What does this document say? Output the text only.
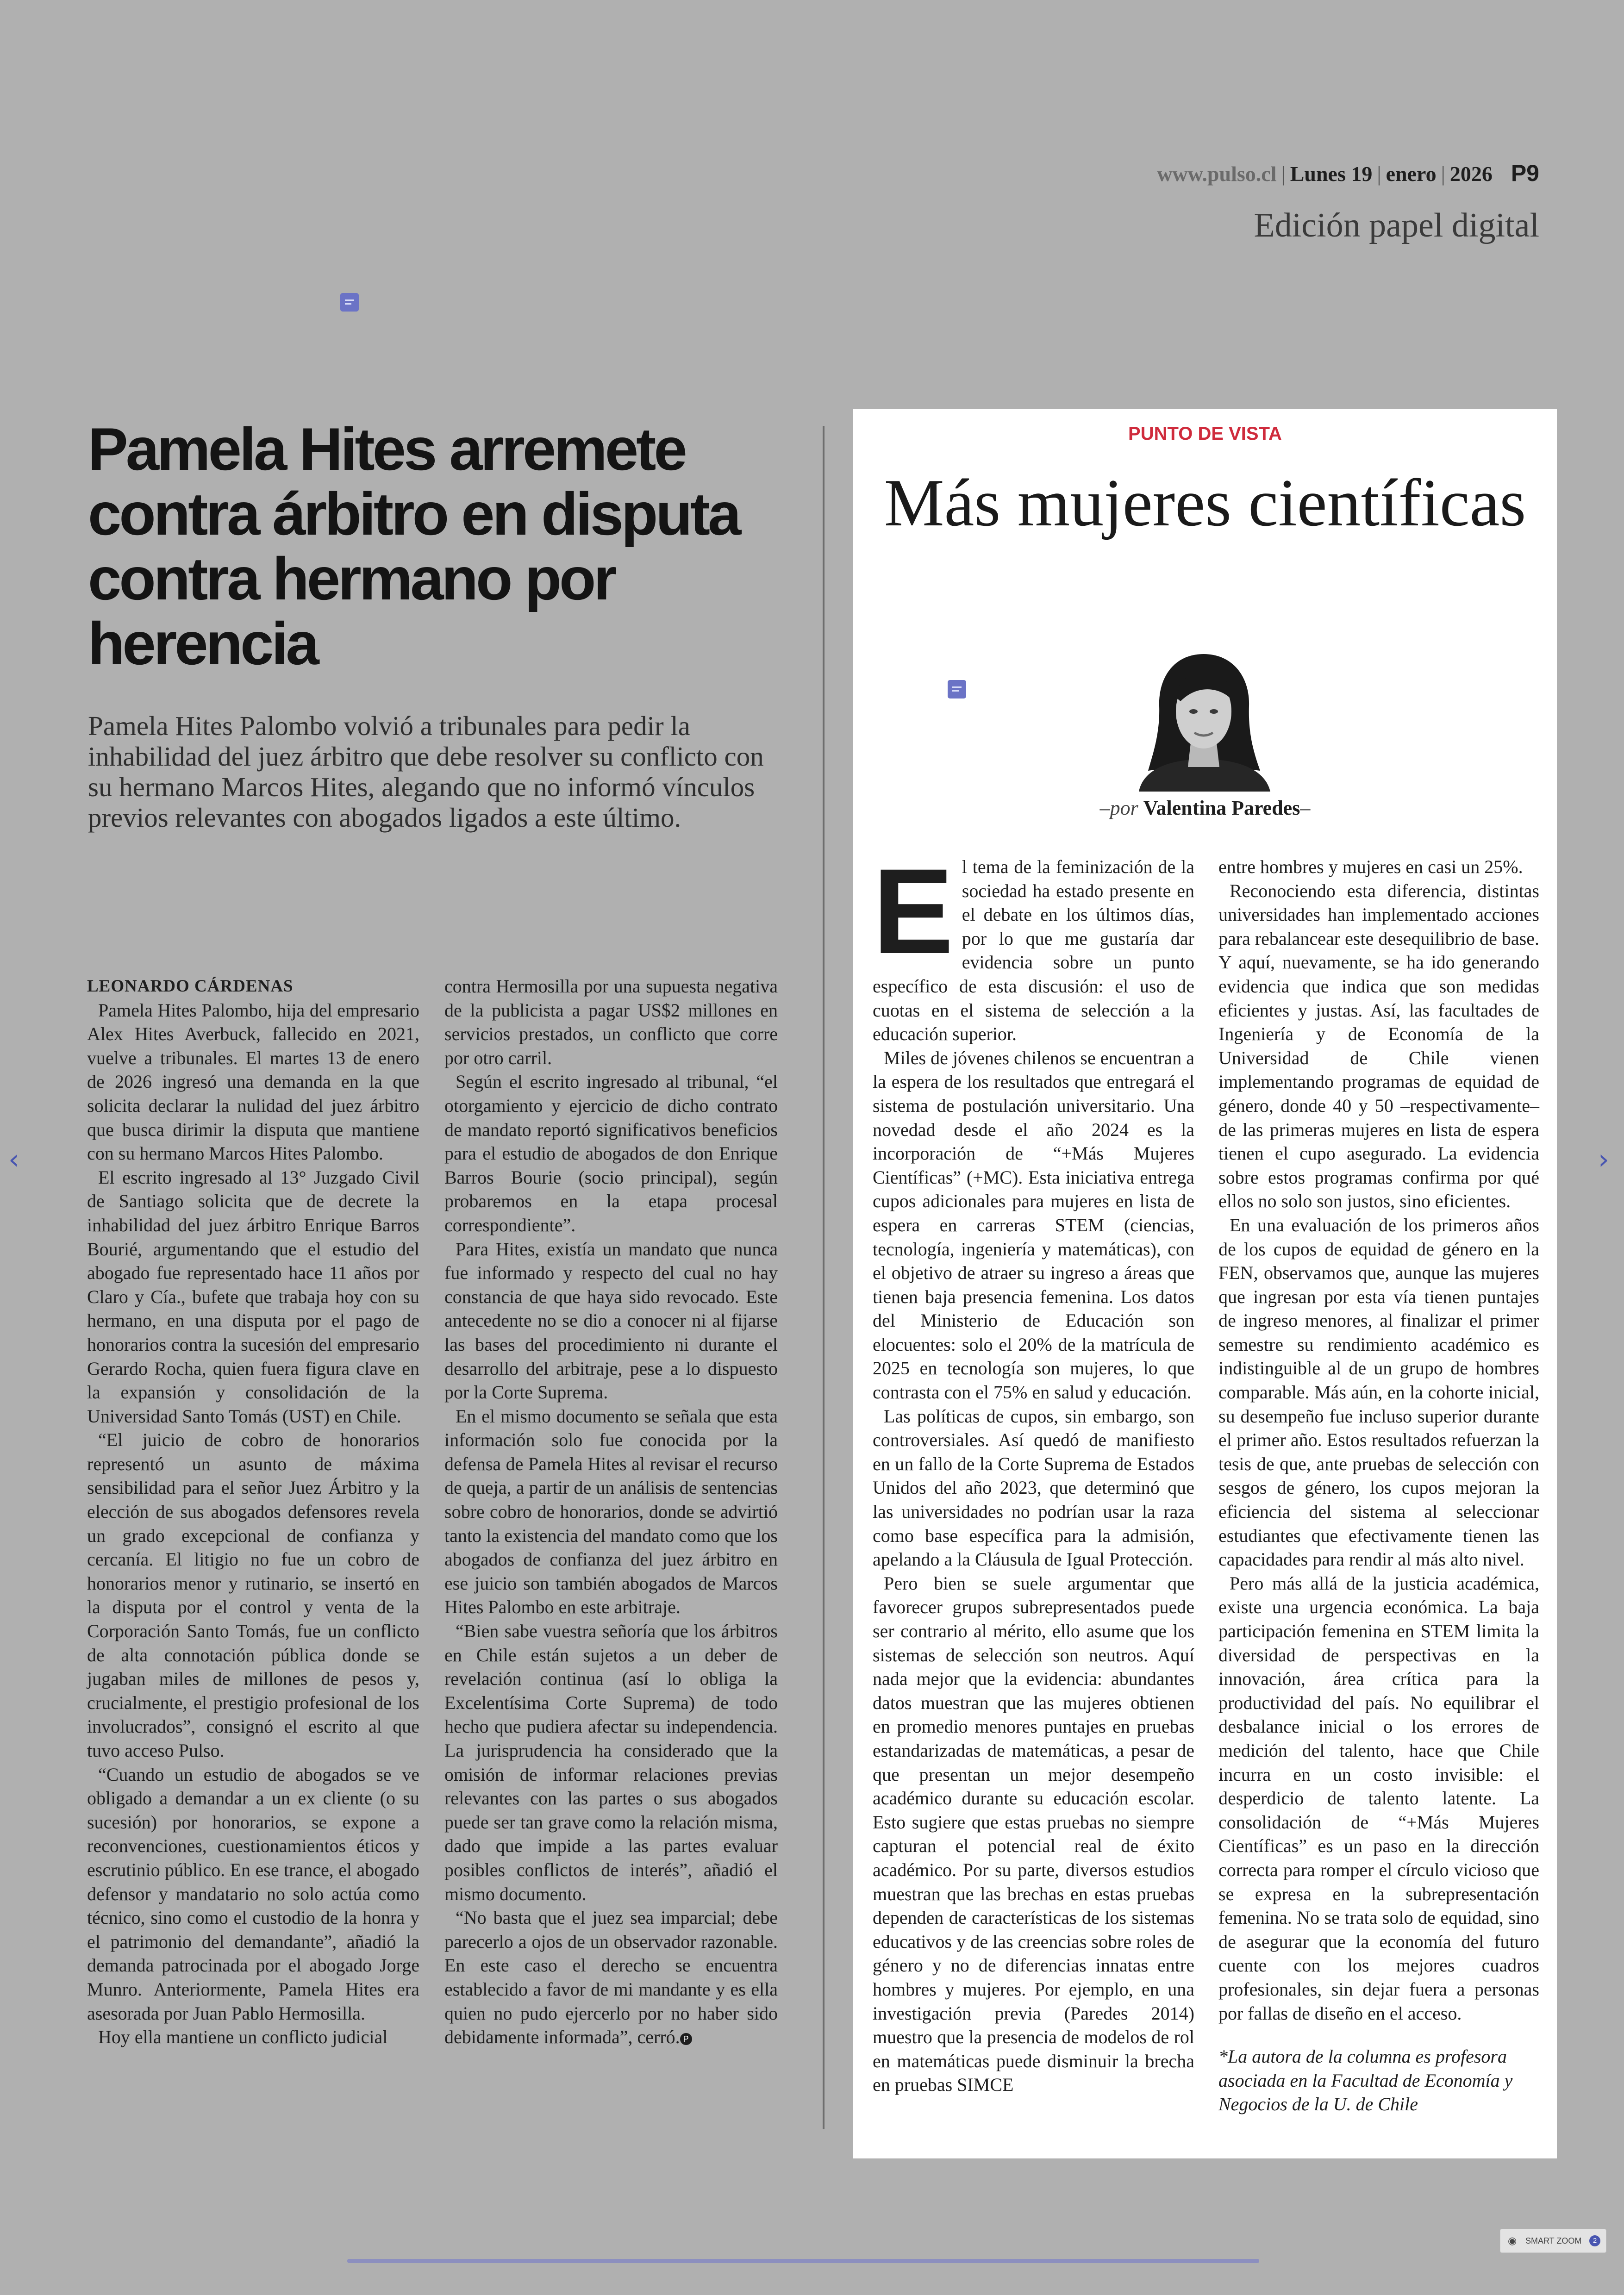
www.pulso.cl | Lunes 19 | enero | 2026 P9
Edición papel digital
Pamela Hites arremete contra árbitro en disputa contra hermano por herencia

Pamela Hites Palombo volvió a tribunales para pedir la inhabilidad del juez árbitro que debe resolver su conflicto con su hermano Marcos Hites, alegando que no informó vínculos previos relevantes con abogados ligados a este último.

LEONARDO CÁRDENAS

Pamela Hites Palombo, hija del empresario Alex Hites Averbuck, fallecido en 2021, vuelve a tribunales. El martes 13 de enero de 2026 ingresó una demanda en la que solicita declarar la nulidad del juez árbitro que busca dirimir la disputa que mantiene con su hermano Marcos Hites Palombo.

El escrito ingresado al 13° Juzgado Civil de Santiago solicita que de decrete la inhabilidad del juez árbitro Enrique Barros Bourié, argumentando que el estudio del abogado fue representado hace 11 años por Claro y Cía., bufete que trabaja hoy con su hermano, en una disputa por el pago de honorarios contra la sucesión del empresario Gerardo Rocha, quien fuera figura clave en la expansión y consolidación de la Universidad Santo Tomás (UST) en Chile.

“El juicio de cobro de honorarios representó un asunto de máxima sensibilidad para el señor Juez Árbitro y la elección de sus abogados defensores revela un grado excepcional de confianza y cercanía. El litigio no fue un cobro de honorarios menor y rutinario, se insertó en la disputa por el control y venta de la Corporación Santo Tomás, fue un conflicto de alta connotación pública donde se jugaban miles de millones de pesos y, crucialmente, el prestigio profesional de los involucrados”, consignó el escrito al que tuvo acceso Pulso.

“Cuando un estudio de abogados se ve obligado a demandar a un ex cliente (o su sucesión) por honorarios, se expone a reconvenciones, cuestionamientos éticos y escrutinio público. En ese trance, el abogado defensor y mandatario no solo actúa como técnico, sino como el custodio de la honra y el patrimonio del demandante”, añadió la demanda patrocinada por el abogado Jorge Munro. Anteriormente, Pamela Hites era asesorada por Juan Pablo Hermosilla.

Hoy ella mantiene un conflicto judicial

contra Hermosilla por una supuesta negativa de la publicista a pagar US$2 millones en servicios prestados, un conflicto que corre por otro carril.

Según el escrito ingresado al tribunal, “el otorgamiento y ejercicio de dicho contrato de mandato reportó significativos beneficios para el estudio de abogados de don Enrique Barros Bourie (socio principal), según probaremos en la etapa procesal correspondiente”.

Para Hites, existía un mandato que nunca fue informado y respecto del cual no hay constancia de que haya sido revocado. Este antecedente no se dio a conocer ni al fijarse las bases del procedimiento ni durante el desarrollo del arbitraje, pese a lo dispuesto por la Corte Suprema.

En el mismo documento se señala que esta información solo fue conocida por la defensa de Pamela Hites al revisar el recurso de queja, a partir de un análisis de sentencias sobre cobro de honorarios, donde se advirtió tanto la existencia del mandato como que los abogados de confianza del juez árbitro en ese juicio son también abogados de Marcos Hites Palombo en este arbitraje.

“Bien sabe vuestra señoría que los árbitros en Chile están sujetos a un deber de revelación continua (así lo obliga la Excelentísima Corte Suprema) de todo hecho que pudiera afectar su independencia. La jurisprudencia ha considerado que la omisión de informar relaciones previas relevantes con las partes o sus abogados puede ser tan grave como la relación misma, dado que impide a las partes evaluar posibles conflictos de interés”, añadió el mismo documento.

“No basta que el juez sea imparcial; debe parecerlo a ojos de un observador razonable. En este caso el derecho se encuentra establecido a favor de mi mandante y es ella quien no pudo ejercerlo por no haber sido debidamente informada”, cerró. P

PUNTO DE VISTA
Más mujeres científicas
–por Valentina Paredes–

El tema de la feminización de la sociedad ha estado presente en el debate en los últimos días, por lo que me gustaría dar evidencia sobre un punto específico de esta discusión: el uso de cuotas en el sistema de selección a la educación superior.

Miles de jóvenes chilenos se encuentran a la espera de los resultados que entregará el sistema de postulación universitario. Una novedad desde el año 2024 es la incorporación de “+Más Mujeres Científicas” (+MC). Esta iniciativa entrega cupos adicionales para mujeres en lista de espera en carreras STEM (ciencias, tecnología, ingeniería y matemáticas), con el objetivo de atraer su ingreso a áreas que tienen baja presencia femenina. Los datos del Ministerio de Educación son elocuentes: solo el 20% de la matrícula de 2025 en tecnología son mujeres, lo que contrasta con el 75% en salud y educación.

Las políticas de cupos, sin embargo, son controversiales. Así quedó de manifiesto en un fallo de la Corte Suprema de Estados Unidos del año 2023, que determinó que las universidades no podrían usar la raza como base específica para la admisión, apelando a la Cláusula de Igual Protección.

Pero bien se suele argumentar que favorecer grupos subrepresentados puede ser contrario al mérito, ello asume que los sistemas de selección son neutros. Aquí nada mejor que la evidencia: abundantes datos muestran que las mujeres obtienen en promedio menores puntajes en pruebas estandarizadas de matemáticas, a pesar de que presentan un mejor desempeño académico durante su educación escolar. Esto sugiere que estas pruebas no siempre capturan el potencial real de éxito académico. Por su parte, diversos estudios muestran que las brechas en estas pruebas dependen de características de los sistemas educativos y de las creencias sobre roles de género y no de diferencias innatas entre hombres y mujeres. Por ejemplo, en una investigación previa (Paredes 2014) muestro que la presencia de modelos de rol en matemáticas puede disminuir la brecha en pruebas SIMCE

entre hombres y mujeres en casi un 25%.

Reconociendo esta diferencia, distintas universidades han implementado acciones para rebalancear este desequilibrio de base. Y aquí, nuevamente, se ha ido generando evidencia que indica que son medidas eficientes y justas. Así, las facultades de Ingeniería y de Economía de la Universidad de Chile vienen implementando programas de equidad de género, donde 40 y 50 –respectivamente– de las primeras mujeres en lista de espera tienen el cupo asegurado. La evidencia sobre estos programas confirma por qué ellos no solo son justos, sino eficientes.

En una evaluación de los primeros años de los cupos de equidad de género en la FEN, observamos que, aunque las mujeres que ingresan por esta vía tienen puntajes de ingreso menores, al finalizar el primer semestre su rendimiento académico es indistinguible al de un grupo de hombres comparable. Más aún, en la cohorte inicial, su desempeño fue incluso superior durante el primer año. Estos resultados refuerzan la tesis de que, ante pruebas de selección con sesgos de género, los cupos mejoran la eficiencia del sistema al seleccionar estudiantes que efectivamente tienen las capacidades para rendir al más alto nivel.

Pero más allá de la justicia académica, existe una urgencia económica. La baja participación femenina en STEM limita la diversidad de perspectivas en la innovación, área crítica para la productividad del país. No equilibrar el desbalance inicial o los errores de medición del talento, hace que Chile incurra en un costo invisible: el desperdicio de talento latente. La consolidación de “+Más Mujeres Científicas” es un paso en la dirección correcta para romper el círculo vicioso que se expresa en la subrepresentación femenina. No se trata solo de equidad, sino de asegurar que la economía del futuro cuente con los mejores cuadros profesionales, sin dejar fuera a personas por fallas de diseño en el acceso.

*La autora de la columna es profesora asociada en la Facultad de Economía y Negocios de la U. de Chile

‹	›
◉ SMART ZOOM	2
